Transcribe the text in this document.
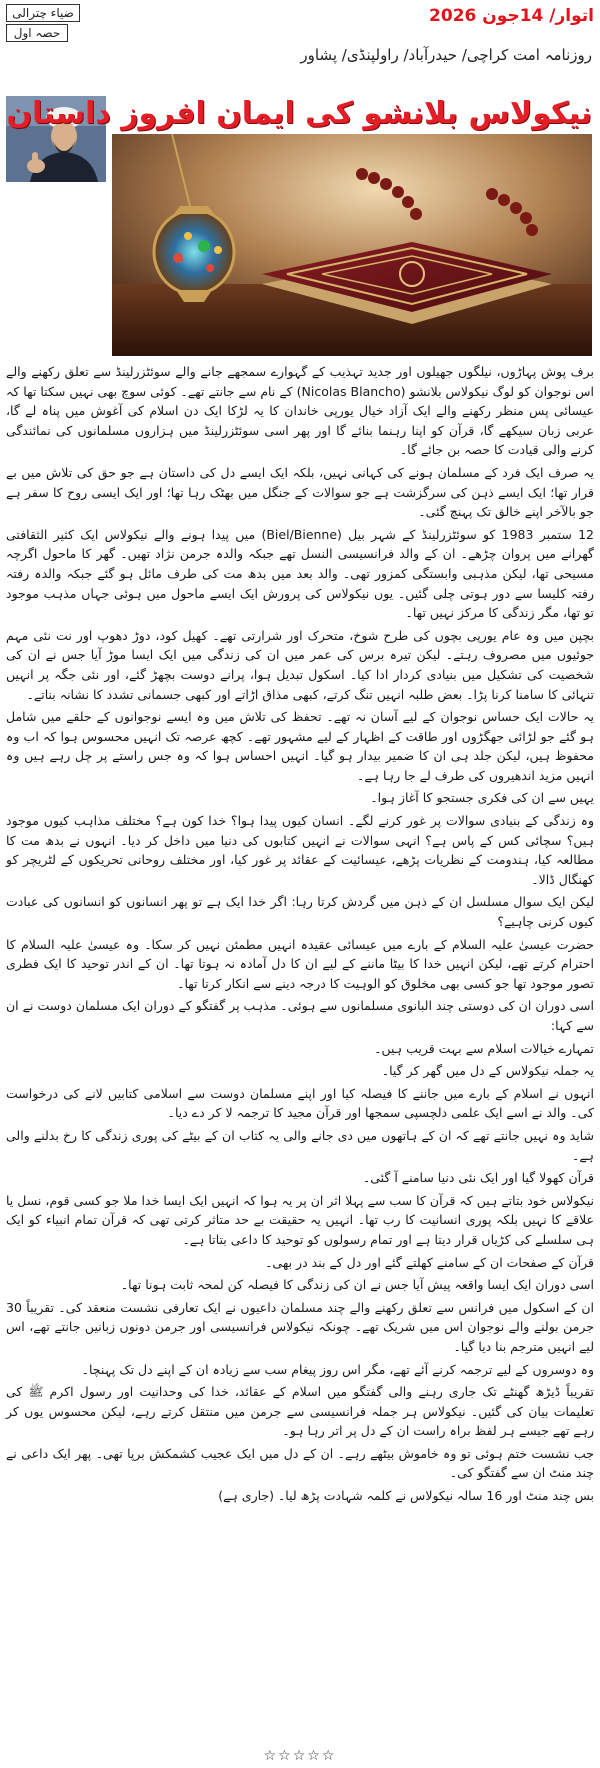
ضیاء چترالی
حصہ اول
اتوار/ 14جون 2026
روزنامہ امت کراچی/ حیدرآباد/ راولپنڈی/ پشاور
نیکولاس بلانشو کی ایمان افروز داستان

برف پوش پہاڑوں، نیلگوں جھیلوں اور جدید تہذیب کے گہوارے سمجھے جانے والے سوئٹزرلینڈ سے تعلق رکھنے والے اس نوجوان کو لوگ نیکولاس بلانشو (Nicolas Blancho) کے نام سے جانتے تھے۔ کوئی سوچ بھی نہیں سکتا تھا کہ عیسائی پس منظر رکھنے والے ایک آزاد خیال یورپی خاندان کا یہ لڑکا ایک دن اسلام کی آغوش میں پناہ لے گا، عربی زبان سیکھے گا، قرآن کو اپنا رہنما بنائے گا اور پھر اسی سوئٹزرلینڈ میں ہزاروں مسلمانوں کی نمائندگی کرنے والی قیادت کا حصہ بن جائے گا۔

یہ صرف ایک فرد کے مسلمان ہونے کی کہانی نہیں، بلکہ ایک ایسے دل کی داستان ہے جو حق کی تلاش میں بے قرار تھا؛ ایک ایسے ذہن کی سرگزشت ہے جو سوالات کے جنگل میں بھٹک رہا تھا؛ اور ایک ایسی روح کا سفر ہے جو بالآخر اپنے خالق تک پہنچ گئی۔

12 ستمبر 1983 کو سوئٹزرلینڈ کے شہر بیل (Biel/Bienne) میں پیدا ہونے والے نیکولاس ایک کثیر الثقافتی گھرانے میں پروان چڑھے۔ ان کے والد فرانسیسی النسل تھے جبکہ والدہ جرمن نژاد تھیں۔ گھر کا ماحول اگرچہ مسیحی تھا، لیکن مذہبی وابستگی کمزور تھی۔ والد بعد میں بدھ مت کی طرف مائل ہو گئے جبکہ والدہ رفتہ رفتہ کلیسا سے دور ہوتی چلی گئیں۔ یوں نیکولاس کی پرورش ایک ایسے ماحول میں ہوئی جہاں مذہب موجود تو تھا، مگر زندگی کا مرکز نہیں تھا۔

بچپن میں وہ عام یورپی بچوں کی طرح شوخ، متحرک اور شرارتی تھے۔ کھیل کود، دوڑ دھوپ اور نت نئی مہم جوئیوں میں مصروف رہتے۔ لیکن تیرہ برس کی عمر میں ان کی زندگی میں ایک ایسا موڑ آیا جس نے ان کی شخصیت کی تشکیل میں بنیادی کردار ادا کیا۔ اسکول تبدیل ہوا، پرانے دوست بچھڑ گئے، اور نئی جگہ پر انہیں تنہائی کا سامنا کرنا پڑا۔ بعض طلبہ انہیں تنگ کرتے، کبھی مذاق اڑاتے اور کبھی جسمانی تشدد کا نشانہ بناتے۔

یہ حالات ایک حساس نوجوان کے لیے آسان نہ تھے۔ تحفظ کی تلاش میں وہ ایسے نوجوانوں کے حلقے میں شامل ہو گئے جو لڑائی جھگڑوں اور طاقت کے اظہار کے لیے مشہور تھے۔ کچھ عرصہ تک انہیں محسوس ہوا کہ اب وہ محفوظ ہیں، لیکن جلد ہی ان کا ضمیر بیدار ہو گیا۔ انہیں احساس ہوا کہ وہ جس راستے پر چل رہے ہیں وہ انہیں مزید اندھیروں کی طرف لے جا رہا ہے۔

یہیں سے ان کی فکری جستجو کا آغاز ہوا۔

وہ زندگی کے بنیادی سوالات پر غور کرنے لگے۔ انسان کیوں پیدا ہوا؟ خدا کون ہے؟ مختلف مذاہب کیوں موجود ہیں؟ سچائی کس کے پاس ہے؟ انہی سوالات نے انہیں کتابوں کی دنیا میں داخل کر دیا۔ انہوں نے بدھ مت کا مطالعہ کیا، ہندومت کے نظریات پڑھے، عیسائیت کے عقائد پر غور کیا، اور مختلف روحانی تحریکوں کے لٹریچر کو کھنگال ڈالا۔

لیکن ایک سوال مسلسل ان کے ذہن میں گردش کرتا رہا: اگر خدا ایک ہے تو پھر انسانوں کو انسانوں کی عبادت کیوں کرنی چاہیے؟

حضرت عیسیٰ علیہ السلام کے بارے میں عیسائی عقیدہ انہیں مطمئن نہیں کر سکا۔ وہ عیسیٰ علیہ السلام کا احترام کرتے تھے، لیکن انہیں خدا کا بیٹا ماننے کے لیے ان کا دل آمادہ نہ ہوتا تھا۔ ان کے اندر توحید کا ایک فطری تصور موجود تھا جو کسی بھی مخلوق کو الوہیت کا درجہ دینے سے انکار کرتا تھا۔

اسی دوران ان کی دوستی چند البانوی مسلمانوں سے ہوئی۔ مذہب پر گفتگو کے دوران ایک مسلمان دوست نے ان سے کہا:

تمہارے خیالات اسلام سے بہت قریب ہیں۔

یہ جملہ نیکولاس کے دل میں گھر کر گیا۔

انہوں نے اسلام کے بارے میں جاننے کا فیصلہ کیا اور اپنے مسلمان دوست سے اسلامی کتابیں لانے کی درخواست کی۔ والد نے اسے ایک علمی دلچسپی سمجھا اور قرآن مجید کا ترجمہ لا کر دے دیا۔

شاید وہ نہیں جانتے تھے کہ ان کے ہاتھوں میں دی جانے والی یہ کتاب ان کے بیٹے کی پوری زندگی کا رخ بدلنے والی ہے۔

قرآن کھولا گیا اور ایک نئی دنیا سامنے آ گئی۔

نیکولاس خود بتاتے ہیں کہ قرآن کا سب سے پہلا اثر ان پر یہ ہوا کہ انہیں ایک ایسا خدا ملا جو کسی قوم، نسل یا علاقے کا نہیں بلکہ پوری انسانیت کا رب تھا۔ انہیں یہ حقیقت بے حد متاثر کرتی تھی کہ قرآن تمام انبیاء کو ایک ہی سلسلے کی کڑیاں قرار دیتا ہے اور تمام رسولوں کو توحید کا داعی بتاتا ہے۔

قرآن کے صفحات ان کے سامنے کھلتے گئے اور دل کے بند در بھی۔

اسی دوران ایک ایسا واقعہ پیش آیا جس نے ان کی زندگی کا فیصلہ کن لمحہ ثابت ہونا تھا۔

ان کے اسکول میں فرانس سے تعلق رکھنے والے چند مسلمان داعیوں نے ایک تعارفی نشست منعقد کی۔ تقریباً 30 جرمن بولنے والے نوجوان اس میں شریک تھے۔ چونکہ نیکولاس فرانسیسی اور جرمن دونوں زبانیں جانتے تھے، اس لیے انہیں مترجم بنا دیا گیا۔

وہ دوسروں کے لیے ترجمہ کرنے آئے تھے، مگر اس روز پیغام سب سے زیادہ ان کے اپنے دل تک پہنچا۔

تقریباً ڈیڑھ گھنٹے تک جاری رہنے والی گفتگو میں اسلام کے عقائد، خدا کی وحدانیت اور رسول اکرم ﷺ کی تعلیمات بیان کی گئیں۔ نیکولاس ہر جملہ فرانسیسی سے جرمن میں منتقل کرتے رہے، لیکن محسوس یوں کر رہے تھے جیسے ہر لفظ براہ راست ان کے دل پر اتر رہا ہو۔

جب نشست ختم ہوئی تو وہ خاموش بیٹھے رہے۔ ان کے دل میں ایک عجیب کشمکش برپا تھی۔ پھر ایک داعی نے چند منٹ ان سے گفتگو کی۔

بس چند منٹ اور 16 سالہ نیکولاس نے کلمہ شہادت پڑھ لیا۔ (جاری ہے)

☆☆☆☆☆
